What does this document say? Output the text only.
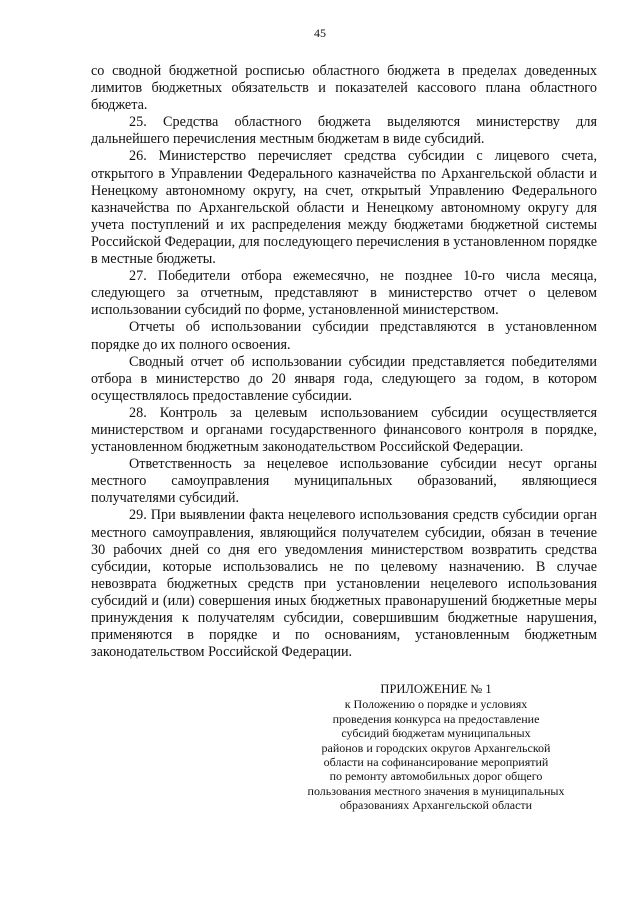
45

со сводной бюджетной росписью областного бюджета в пределах доведенных лимитов бюджетных обязательств и показателей кассового плана областного бюджета.

25. Средства областного бюджета выделяются министерству для дальнейшего перечисления местным бюджетам в виде субсидий.

26. Министерство перечисляет средства субсидии с лицевого счета, открытого в Управлении Федерального казначейства по Архангельской области и Ненецкому автономному округу, на счет, открытый Управлению Федерального казначейства по Архангельской области и Ненецкому автономному округу для учета поступлений и их распределения между бюджетами бюджетной системы Российской Федерации, для последующего перечисления в установленном порядке в местные бюджеты.

27. Победители отбора ежемесячно, не позднее 10-го числа месяца, следующего за отчетным, представляют в министерство отчет о целевом использовании субсидий по форме, установленной министерством.

Отчеты об использовании субсидии представляются в установленном порядке до их полного освоения.

Сводный отчет об использовании субсидии представляется победителями отбора в министерство до 20 января года, следующего за годом, в котором осуществлялось предоставление субсидии.

28. Контроль за целевым использованием субсидии осуществляется министерством и органами государственного финансового контроля в порядке, установленном бюджетным законодательством Российской Федерации.

Ответственность за нецелевое использование субсидии несут органы местного самоуправления муниципальных образований, являющиеся получателями субсидий.

29. При выявлении факта нецелевого использования средств субсидии орган местного самоуправления, являющийся получателем субсидии, обязан в течение 30 рабочих дней со дня его уведомления министерством возвратить средства субсидии, которые использовались не по целевому назначению. В случае невозврата бюджетных средств при установлении нецелевого использования субсидий и (или) совершения иных бюджетных правонарушений бюджетные меры принуждения к получателям субсидии, совершившим бюджетные нарушения, применяются в порядке и по основаниям, установленным бюджетным законодательством Российской Федерации.

ПРИЛОЖЕНИЕ № 1
к Положению о порядке и условиях
проведения конкурса на предоставление
субсидий бюджетам муниципальных
районов и городских округов Архангельской
области на софинансирование мероприятий
по ремонту автомобильных дорог общего
пользования местного значения в муниципальных
образованиях Архангельской области
